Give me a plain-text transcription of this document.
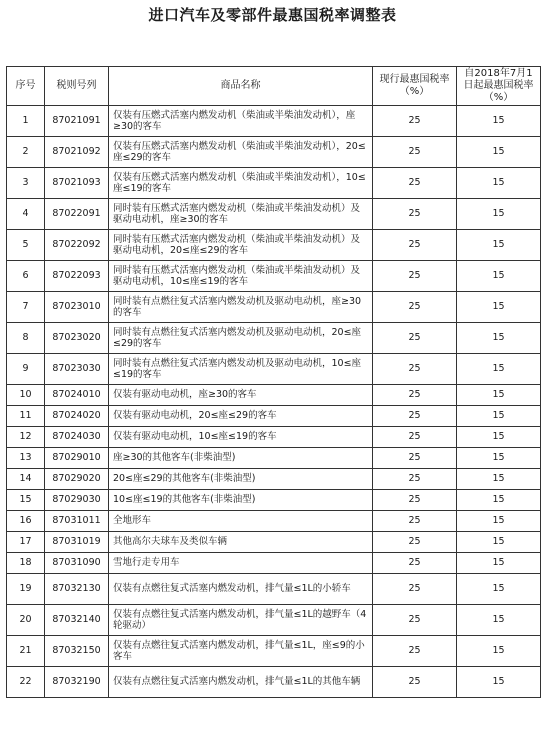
进口汽车及零部件最惠国税率调整表
序号	税则号列	商品名称	现行最惠国税率（%）	自2018年7月1日起最惠国税率（%）
1	87021091	仅装有压燃式活塞内燃发动机（柴油或半柴油发动机），座≥30的客车	25	15
2	87021092	仅装有压燃式活塞内燃发动机（柴油或半柴油发动机），20≤座≤29的客车	25	15
3	87021093	仅装有压燃式活塞内燃发动机（柴油或半柴油发动机），10≤座≤19的客车	25	15
4	87022091	同时装有压燃式活塞内燃发动机（柴油或半柴油发动机）及驱动电动机，座≥30的客车	25	15
5	87022092	同时装有压燃式活塞内燃发动机（柴油或半柴油发动机）及驱动电动机，20≤座≤29的客车	25	15
6	87022093	同时装有压燃式活塞内燃发动机（柴油或半柴油发动机）及驱动电动机，10≤座≤19的客车	25	15
7	87023010	同时装有点燃往复式活塞内燃发动机及驱动电动机，座≥30的客车	25	15
8	87023020	同时装有点燃往复式活塞内燃发动机及驱动电动机，20≤座≤29的客车	25	15
9	87023030	同时装有点燃往复式活塞内燃发动机及驱动电动机，10≤座≤19的客车	25	15
10	87024010	仅装有驱动电动机，座≥30的客车	25	15
11	87024020	仅装有驱动电动机，20≤座≤29的客车	25	15
12	87024030	仅装有驱动电动机，10≤座≤19的客车	25	15
13	87029010	座≥30的其他客车(非柴油型)	25	15
14	87029020	20≤座≤29的其他客车(非柴油型)	25	15
15	87029030	10≤座≤19的其他客车(非柴油型)	25	15
16	87031011	全地形车	25	15
17	87031019	其他高尔夫球车及类似车辆	25	15
18	87031090	雪地行走专用车	25	15
19	87032130	仅装有点燃往复式活塞内燃发动机，排气量≤1L的小轿车	25	15
20	87032140	仅装有点燃往复式活塞内燃发动机，排气量≤1L的越野车（4轮驱动）	25	15
21	87032150	仅装有点燃往复式活塞内燃发动机，排气量≤1L，座≤9的小客车	25	15
22	87032190	仅装有点燃往复式活塞内燃发动机，排气量≤1L的其他车辆	25	15
